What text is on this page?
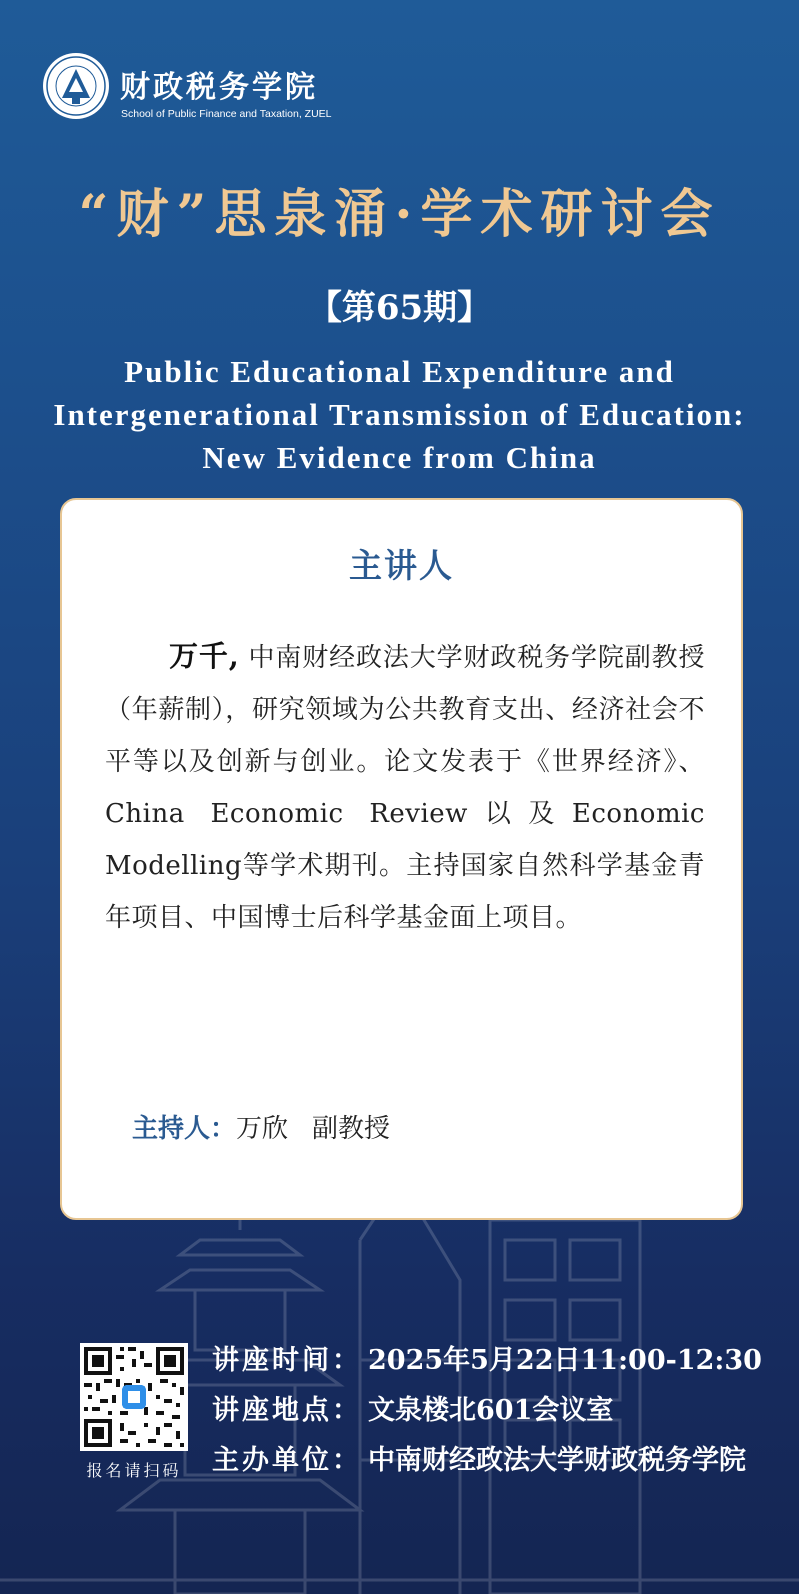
财政税务学院
School of Public Finance and Taxation, ZUEL
“财”思泉涌·学术研讨会
【第65期】
Public Educational Expenditure and
Intergenerational Transmission of Education:
New Evidence from China
主讲人
万千, 中南财经政法大学财政税务学院副教授（年薪制），研究领域为公共教育支出、经济社会不平等以及创新与创业。论文发表于《世界经济》、China Economic Review以及Economic Modelling等学术期刊。主持国家自然科学基金青年项目、中国博士后科学基金面上项目。
主持人：万欣 副教授
报名请扫码
讲座时间： 2025年5月22日11:00-12:30
讲座地点： 文泉楼北601会议室
主办单位： 中南财经政法大学财政税务学院
